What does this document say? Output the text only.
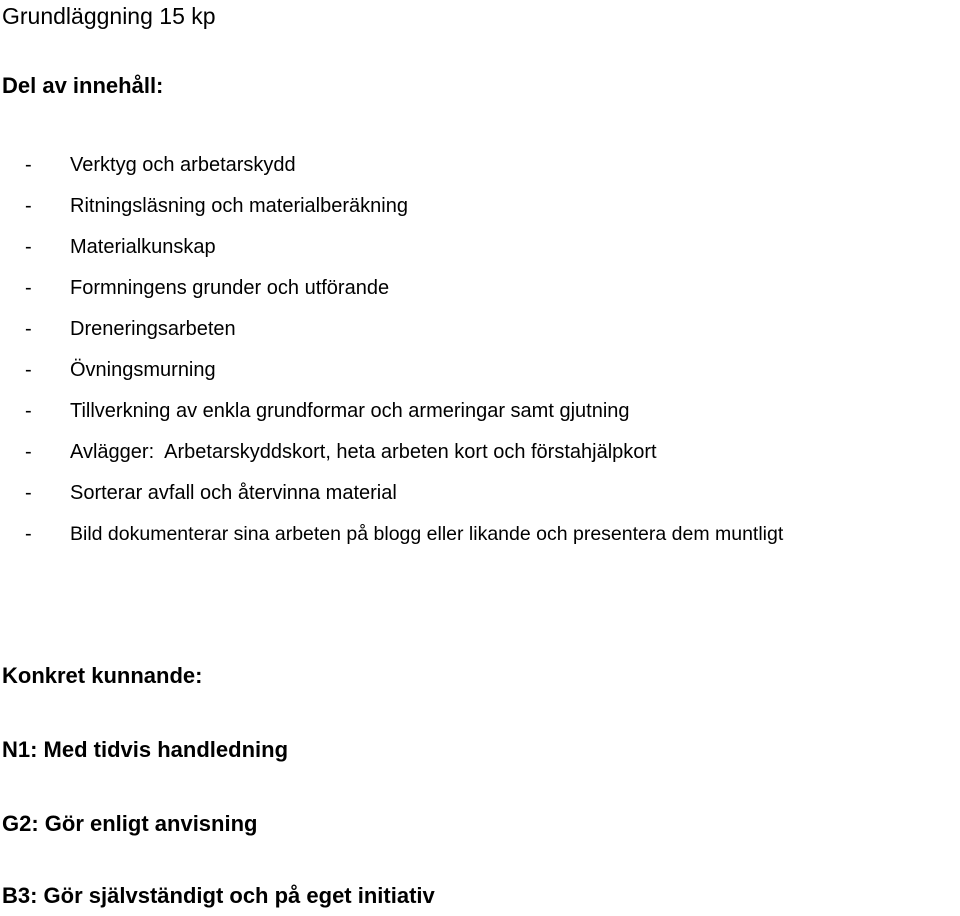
Grundläggning 15 kp
Del av innehåll:
- Verktyg och arbetarskydd
- Ritningsläsning och materialberäkning
- Materialkunskap
- Formningens grunder och utförande
- Dreneringsarbeten
- Övningsmurning
- Tillverkning av enkla grundformar och armeringar samt gjutning
- Avlägger:  Arbetarskyddskort, heta arbeten kort och förstahjälpkort
- Sorterar avfall och återvinna material
- Bild dokumenterar sina arbeten på blogg eller likande och presentera dem muntligt
Konkret kunnande:
N1: Med tidvis handledning
G2: Gör enligt anvisning
B3: Gör självständigt och på eget initiativ
